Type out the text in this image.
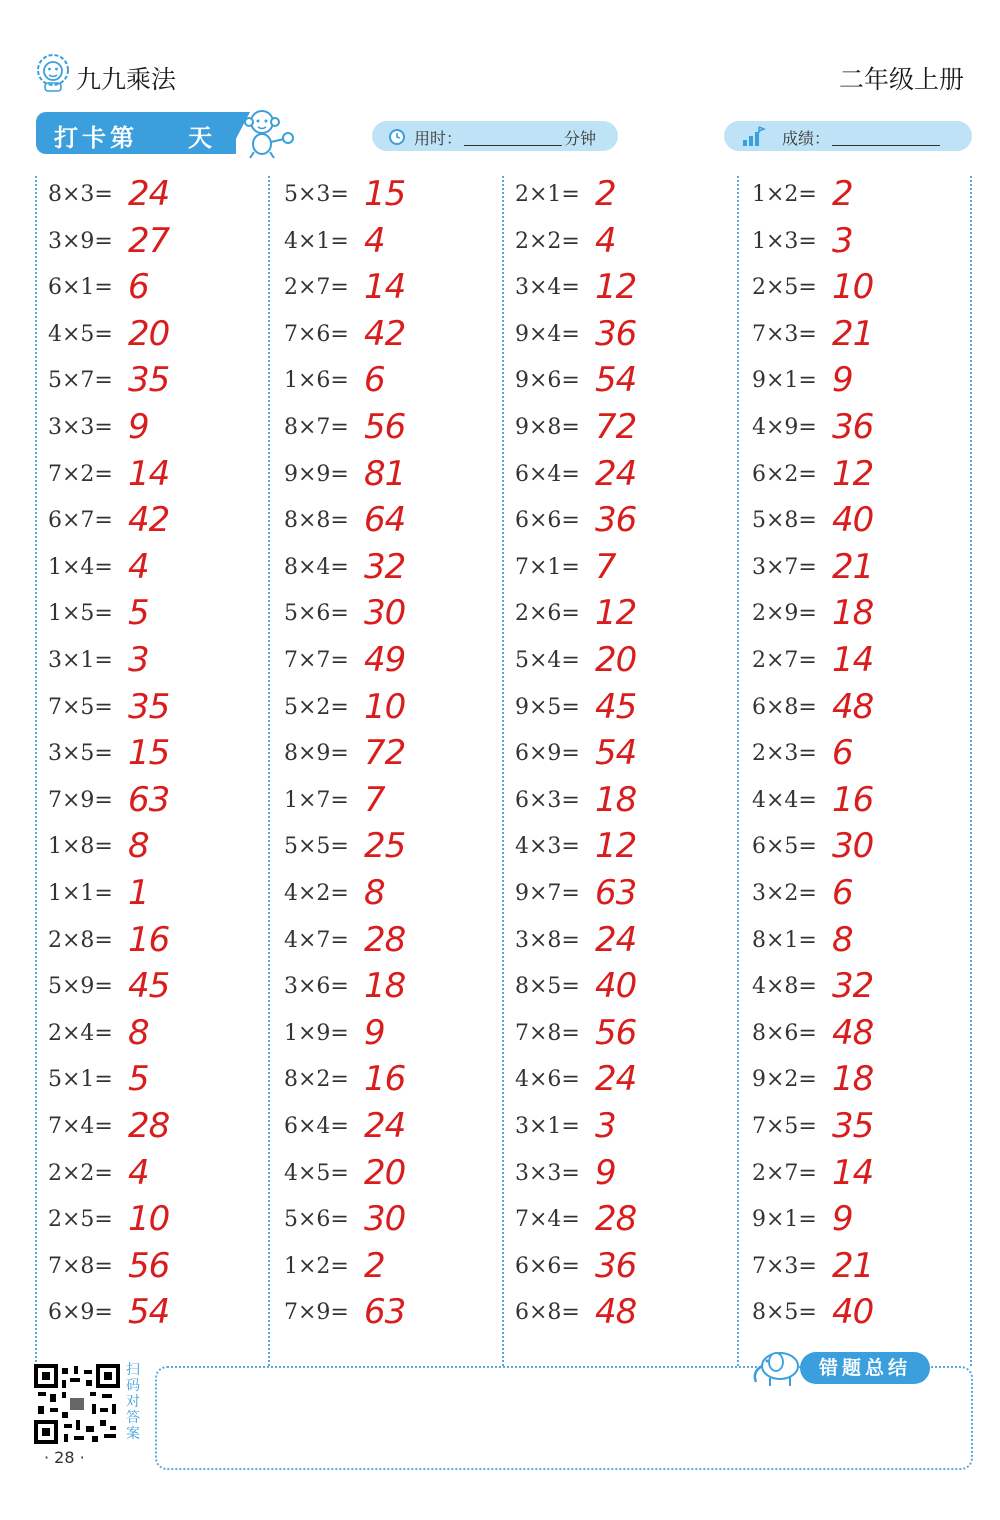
九九乘法	二年级上册
打卡第 天	用时：	分钟	成绩：
8×3= 24
3×9= 27
6×1= 6
4×5= 20
5×7= 35
3×3= 9
7×2= 14
6×7= 42
1×4= 4
1×5= 5
3×1= 3
7×5= 35
3×5= 15
7×9= 63
1×8= 8
1×1= 1
2×8= 16
5×9= 45
2×4= 8
5×1= 5
7×4= 28
2×2= 4
2×5= 10
7×8= 56
6×9= 54
5×3= 15
4×1= 4
2×7= 14
7×6= 42
1×6= 6
8×7= 56
9×9= 81
8×8= 64
8×4= 32
5×6= 30
7×7= 49
5×2= 10
8×9= 72
1×7= 7
5×5= 25
4×2= 8
4×7= 28
3×6= 18
1×9= 9
8×2= 16
6×4= 24
4×5= 20
5×6= 30
1×2= 2
7×9= 63
2×1= 2
2×2= 4
3×4= 12
9×4= 36
9×6= 54
9×8= 72
6×4= 24
6×6= 36
7×1= 7
2×6= 12
5×4= 20
9×5= 45
6×9= 54
6×3= 18
4×3= 12
9×7= 63
3×8= 24
8×5= 40
7×8= 56
4×6= 24
3×1= 3
3×3= 9
7×4= 28
6×6= 36
6×8= 48
1×2= 2
1×3= 3
2×5= 10
7×3= 21
9×1= 9
4×9= 36
6×2= 12
5×8= 40
3×7= 21
2×9= 18
2×7= 14
6×8= 48
2×3= 6
4×4= 16
6×5= 30
3×2= 6
8×1= 8
4×8= 32
8×6= 48
9×2= 18
7×5= 35
2×7= 14
9×1= 9
7×3= 21
8×5= 40
错题总结
扫码对答案
· 28 ·
